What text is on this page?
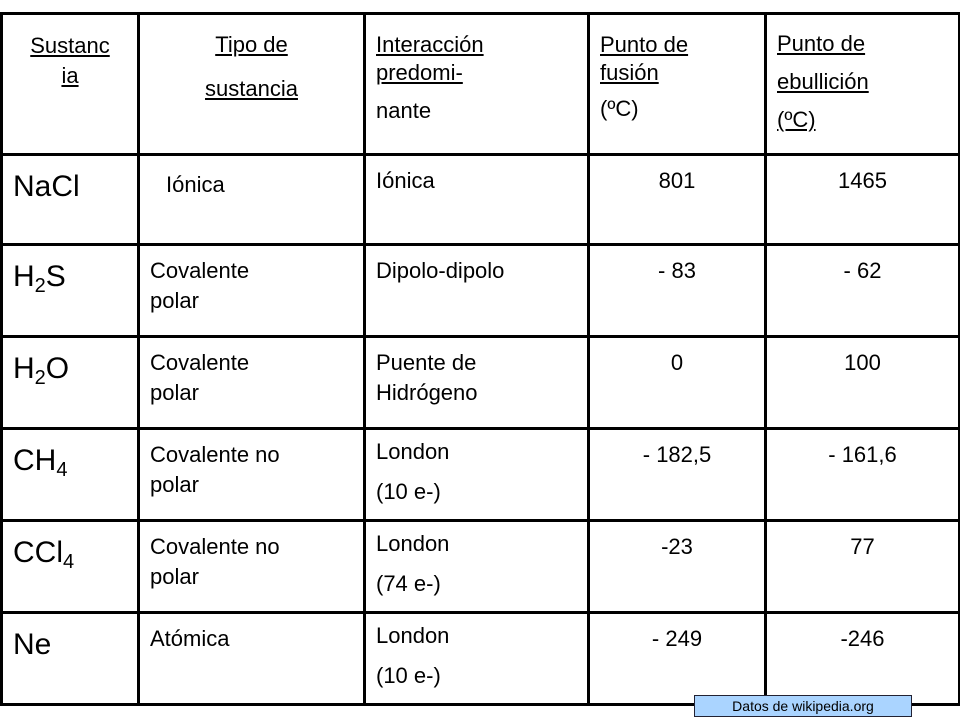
Sustanc
ia	Tipo de
sustancia	Interacción
predomi-
nante	Punto de
fusión
(ºC)	Punto de
ebullición
(ºC)

NaCl	Iónica	Iónica	801	1465

$H_2S$	Covalente
polar	Dipolo-dipolo	- 83	- 62

$H_2O$	Covalente
polar	Puente de
Hidrógeno	0	100

$CH_4$	Covalente no
polar	London
(10 e-)	- 182,5	- 161,6

CCl$_4$	Covalente no
polar	London
(74 e-)	-23	77

Ne	Atómica	London
(10 e-)	- 249	-246
Datos de wikipedia.org
